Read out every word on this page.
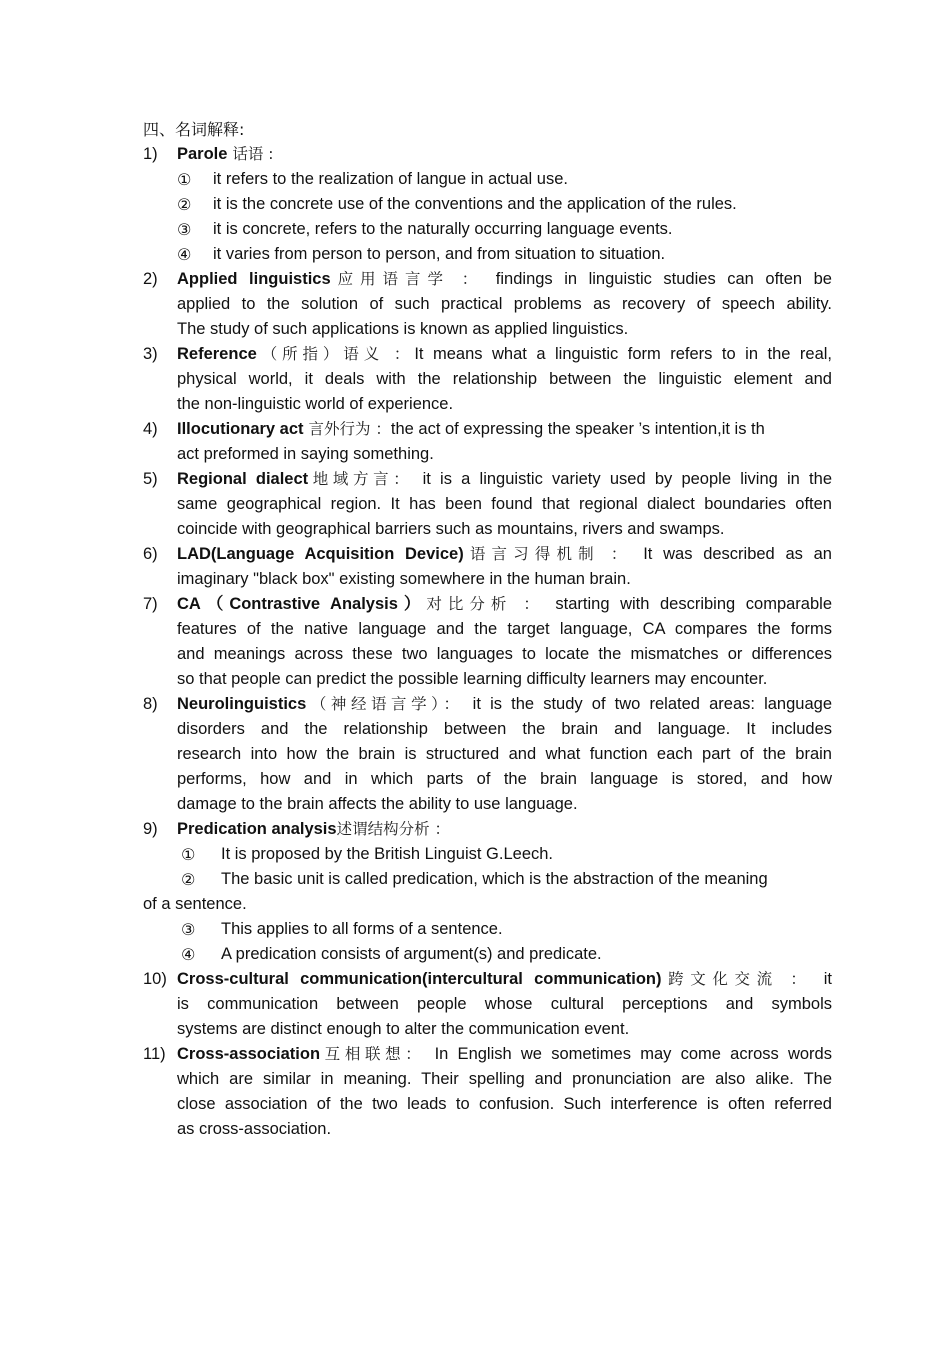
四、名词解释:
1) Parole 话语 :
① it refers to the realization of langue in actual use.
② it is the concrete use of the conventions and the application of the rules.
③ it is concrete, refers to the naturally occurring language events.
④ it varies from person to person, and from situation to situation.
2) Applied linguistics应用语言学 ： findings in linguistic studies can often be
applied to the solution of such practical problems as recovery of speech ability.
The study of such applications is known as applied linguistics.
3) Reference（所指）语义 ：It means what a linguistic form refers to in the real,
physical world, it deals with the relationship between the linguistic element and
the non-linguistic world of experience.
4) Illocutionary act 言外行为 ：the act of expressing the speaker ’s intention,it is th
act preformed in saying something.
5) Regional dialect地域方言： it is a linguistic variety used by people living in the
same geographical region. It has been found that regional dialect boundaries often
coincide with geographical barriers such as mountains, rivers and swamps.
6) LAD(Language Acquisition Device)语言习得机制 ： It was described as an
imaginary "black box" existing somewhere in the human brain.
7) CA（Contrastive Analysis）对比分析 ： starting with describing comparable
features of the native language and the target language, CA compares the forms
and meanings across these two languages to locate the mismatches or differences
so that people can predict the possible learning difficulty learners may encounter.
8) Neurolinguistics（神经语言学）： it is the study of two related areas: language
disorders and the relationship between the brain and language. It includes
research into how the brain is structured and what function each part of the brain
performs, how and in which parts of the brain language is stored, and how
damage to the brain affects the ability to use language.
9) Predication analysis述谓结构分析 ：
① It is proposed by the British Linguist G.Leech.
② The basic unit is called predication, which is the abstraction of the meaning
of a sentence.
③ This applies to all forms of a sentence.
④ A predication consists of argument(s) and predicate.
10) Cross-cultural communication(intercultural communication)跨文化交流 ： it
is communication between people whose cultural perceptions and symbols
systems are distinct enough to alter the communication event.
11) Cross-association互相联想： In English we sometimes may come across words
which are similar in meaning. Their spelling and pronunciation are also alike. The
close association of the two leads to confusion. Such interference is often referred
as cross-association.
